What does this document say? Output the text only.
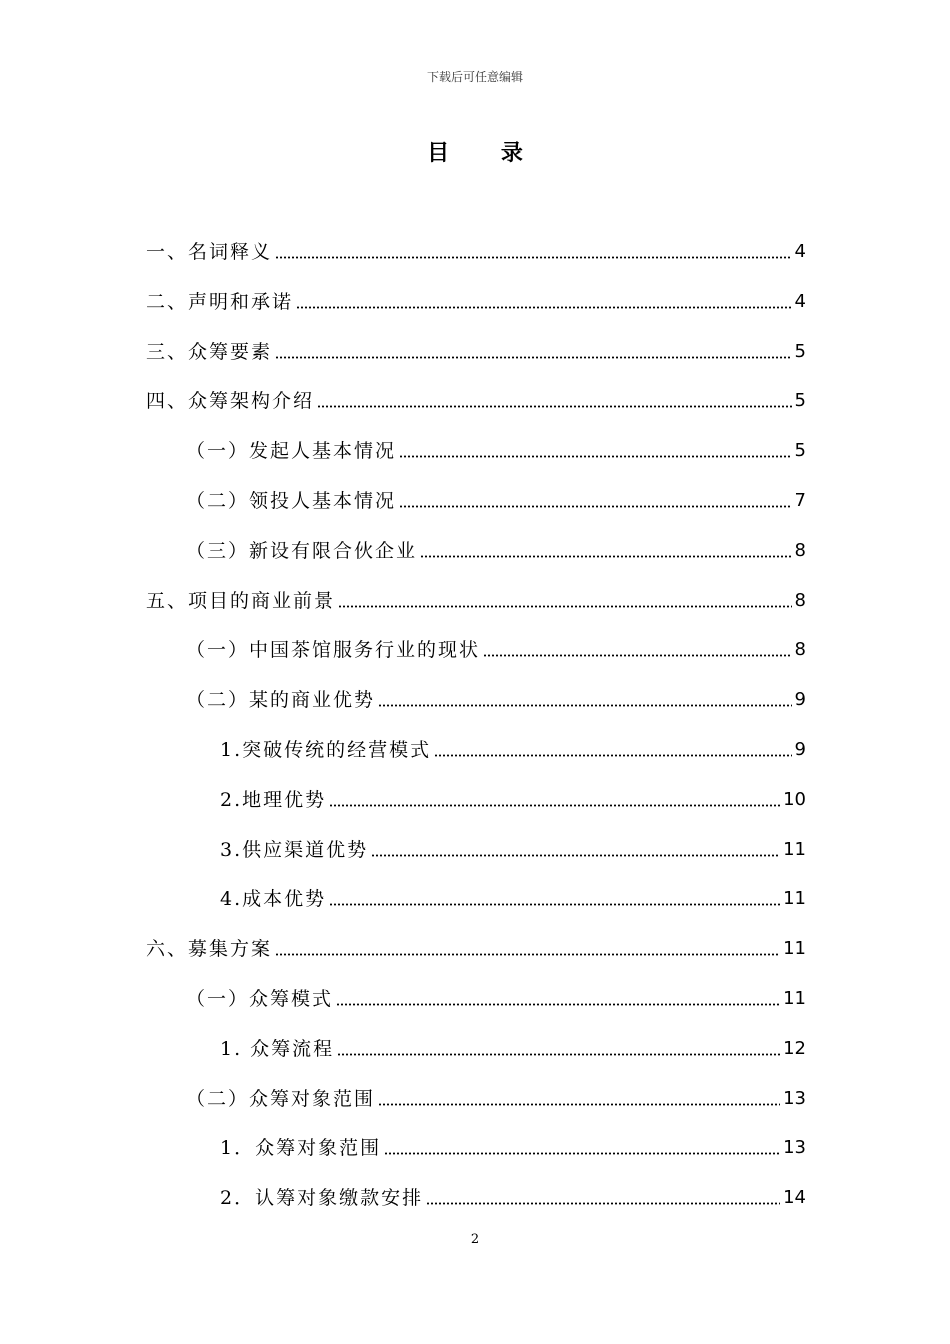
下载后可任意编辑
目 录
一、名词释义	4
二、声明和承诺	4
三、众筹要素	5
四、众筹架构介绍	5
（一）发起人基本情况	5
（二）领投人基本情况	7
（三）新设有限合伙企业	8
五、项目的商业前景	8
（一）中国茶馆服务行业的现状	8
（二）某的商业优势	9
1.突破传统的经营模式	9
2.地理优势	10
3.供应渠道优势	11
4.成本优势	11
六、募集方案	11
（一）众筹模式	11
1. 众筹流程	12
（二）众筹对象范围	13
1．众筹对象范围	13
2．认筹对象缴款安排	14
2
